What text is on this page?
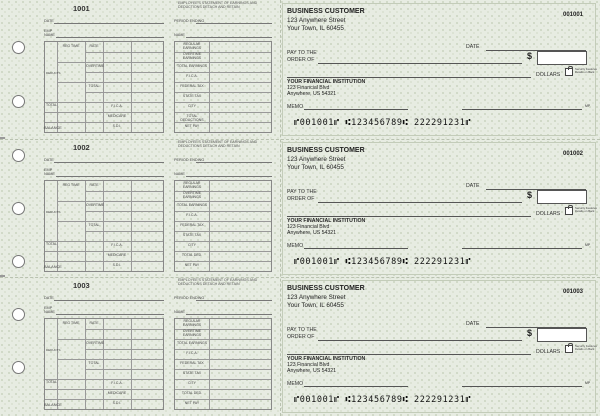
1001
EMPLOYEE'S STATEMENT OF EARNINGS AND DEDUCTIONS DETACH AND RETAIN
DATE	PERIOD ENDING
EMP NAME	NAME
REG TIME	RATE
OVERTIME
TOTAL
DEDUCTS
TOTAL	F.I.C.A.
MEDICARE
S.D.I.
BALANCE
REGULAR EARNINGS
OVERTIME EARNINGS
TOTAL EARNINGS
F.I.C.A.
FEDERAL TAX
STATE TAX
CITY
TOTAL DEDUCTIONS
NET PAY
BUSINESS CUSTOMER
123 Anywhere Street
Your Town, IL 60455
001001
DATE
PAY TO THE
ORDER OF	$
DOLLARS
Security Features Details on Back
YOUR FINANCIAL INSTITUTION
123 Financial Blvd
Anywhere, US 54321
MEMO	MP
⑈001001⑈ ⑆123456789⑆ 222291231⑈
1002
EMPLOYEE'S STATEMENT OF EARNINGS AND DEDUCTIONS DETACH AND RETAIN
DATE	PERIOD ENDING
EMP NAME	NAME
REG TIME	RATE
OVERTIME
TOTAL
DEDUCTS
TOTAL	F.I.C.A.
MEDICARE
S.D.I.
BALANCE
REGULAR EARNINGS
OVERTIME EARNINGS
TOTAL EARNINGS
F.I.C.A.
FEDERAL TAX
STATE TAX
CITY
TOTAL DED.
NET PAY
BUSINESS CUSTOMER
123 Anywhere Street
Your Town, IL 60455
001002
DATE
PAY TO THE
ORDER OF	$
DOLLARS
Security Features Details on Back
YOUR FINANCIAL INSTITUTION
123 Financial Blvd
Anywhere, US 54321
MEMO	MP
⑈001001⑈ ⑆123456789⑆ 222291231⑈
1003
EMPLOYEE'S STATEMENT OF EARNINGS AND DEDUCTIONS DETACH AND RETAIN
DATE	PERIOD ENDING
EMP NAME	NAME
REG TIME	RATE
OVERTIME
TOTAL
DEDUCTS
TOTAL	F.I.C.A.
MEDICARE
S.D.I.
BALANCE
REGULAR EARNINGS
OVERTIME EARNINGS
TOTAL EARNINGS
F.I.C.A.
FEDERAL TAX
STATE TAX
CITY
TOTAL DED.
NET PAY
BUSINESS CUSTOMER
123 Anywhere Street
Your Town, IL 60455
001003
DATE
PAY TO THE
ORDER OF	$
DOLLARS
Security Features Details on Back
YOUR FINANCIAL INSTITUTION
123 Financial Blvd
Anywhere, US 54321
MEMO	MP
⑈001001⑈ ⑆123456789⑆ 222291231⑈
